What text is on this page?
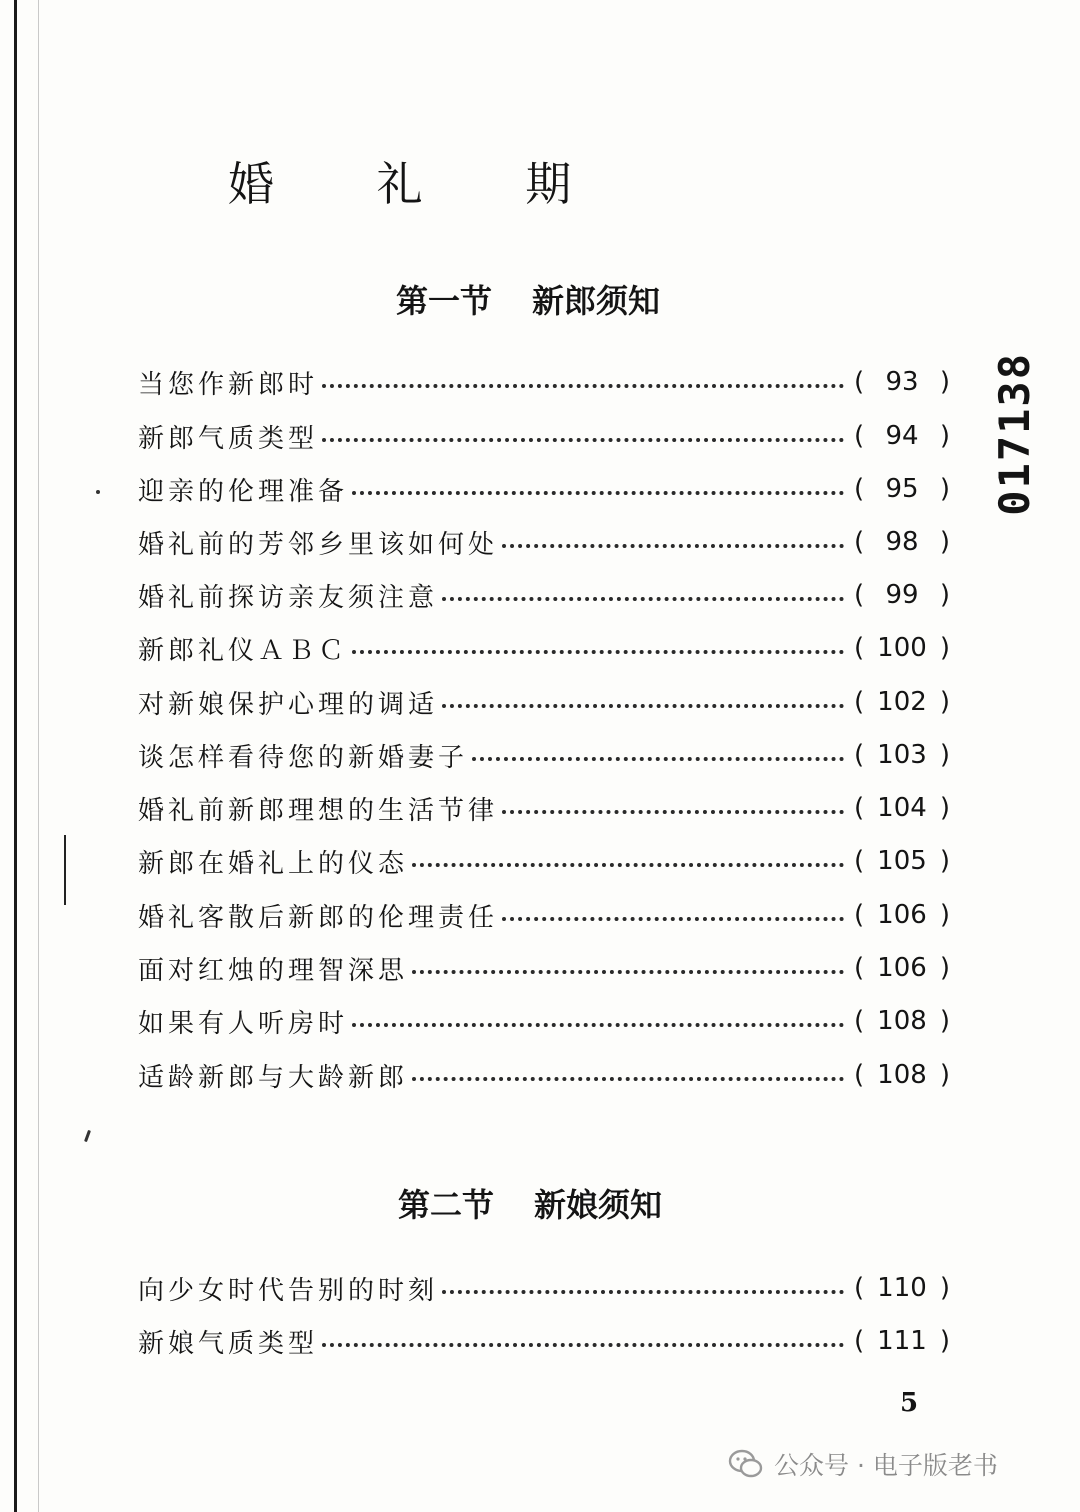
婚 礼 期
第一节 新郎须知
第二节 新娘须知
当您作新郎时	( 93 )
新郎气质类型	( 94 )
迎亲的伦理准备	( 95 )
婚礼前的芳邻乡里该如何处	( 98 )
婚礼前探访亲友须注意	( 99 )
新郎礼仪ＡＢＣ	( 100 )
对新娘保护心理的调适	( 102 )
谈怎样看待您的新婚妻子	( 103 )
婚礼前新郎理想的生活节律	( 104 )
新郎在婚礼上的仪态	( 105 )
婚礼客散后新郎的伦理责任	( 106 )
面对红烛的理智深思	( 106 )
如果有人听房时	( 108 )
适龄新郎与大龄新郎	( 108 )
向少女时代告别的时刻	( 110 )
新娘气质类型	( 111 )
017138
5
公众号 · 电子版老书
